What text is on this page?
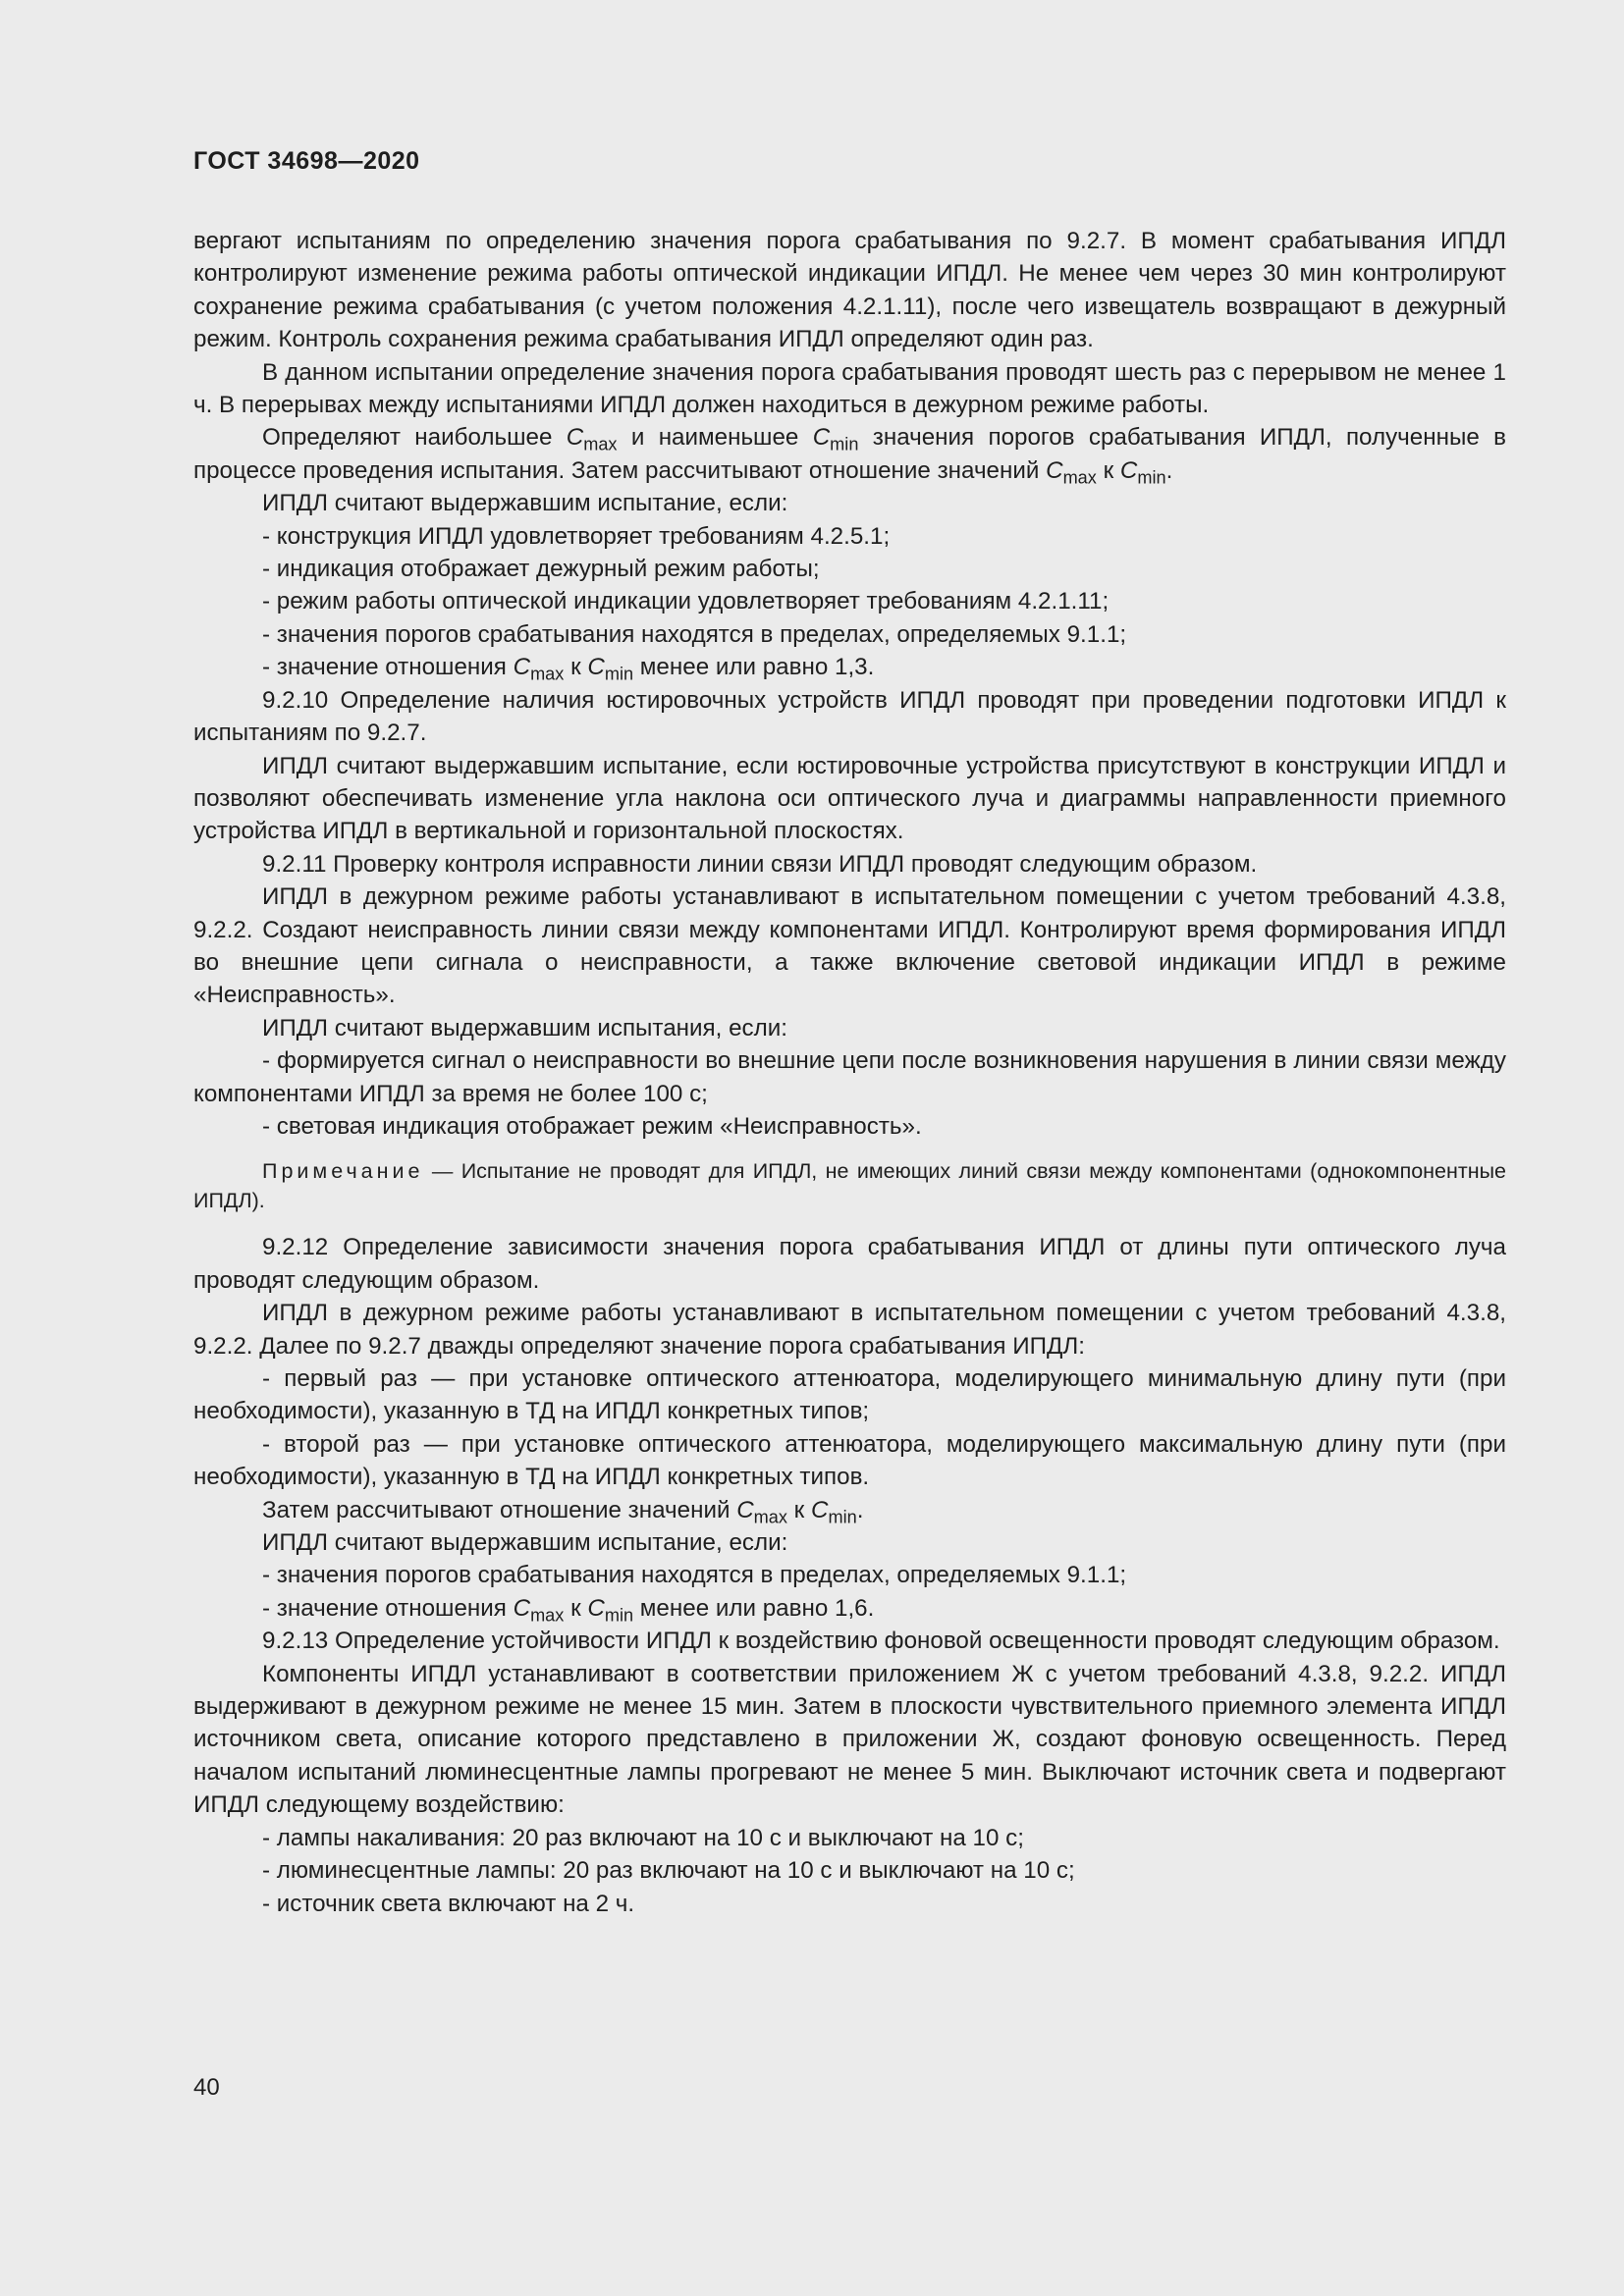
ГОСТ 34698—2020

вергают испытаниям по определению значения порога срабатывания по 9.2.7. В момент срабатывания ИПДЛ контролируют изменение режима работы оптической индикации ИПДЛ. Не менее чем через 30 мин контролируют сохранение режима срабатывания (с учетом положения 4.2.1.11), после чего извещатель возвращают в дежурный режим. Контроль сохранения режима срабатывания ИПДЛ определяют один раз.

В данном испытании определение значения порога срабатывания проводят шесть раз с перерывом не менее 1 ч. В перерывах между испытаниями ИПДЛ должен находиться в дежурном режиме работы.

Определяют наибольшее $С_{max}$ и наименьшее $С_{min}$ значения порогов срабатывания ИПДЛ, полученные в процессе проведения испытания. Затем рассчитывают отношение значений $С_{max}$ к $С_{min}$.

ИПДЛ считают выдержавшим испытание, если:

- конструкция ИПДЛ удовлетворяет требованиям 4.2.5.1;

- индикация отображает дежурный режим работы;

- режим работы оптической индикации удовлетворяет требованиям 4.2.1.11;

- значения порогов срабатывания находятся в пределах, определяемых 9.1.1;

- значение отношения $С_{max}$ к $С_{min}$ менее или равно 1,3.

9.2.10 Определение наличия юстировочных устройств ИПДЛ проводят при проведении подготовки ИПДЛ к испытаниям по 9.2.7.

ИПДЛ считают выдержавшим испытание, если юстировочные устройства присутствуют в конструкции ИПДЛ и позволяют обеспечивать изменение угла наклона оси оптического луча и диаграммы направленности приемного устройства ИПДЛ в вертикальной и горизонтальной плоскостях.

9.2.11 Проверку контроля исправности линии связи ИПДЛ проводят следующим образом.

ИПДЛ в дежурном режиме работы устанавливают в испытательном помещении с учетом требований 4.3.8, 9.2.2. Создают неисправность линии связи между компонентами ИПДЛ. Контролируют время формирования ИПДЛ во внешние цепи сигнала о неисправности, а также включение световой индикации ИПДЛ в режиме «Неисправность».

ИПДЛ считают выдержавшим испытания, если:

- формируется сигнал о неисправности во внешние цепи после возникновения нарушения в линии связи между компонентами ИПДЛ за время не более 100 с;

- световая индикация отображает режим «Неисправность».

Примечание — Испытание не проводят для ИПДЛ, не имеющих линий связи между компонентами (однокомпонентные ИПДЛ).

9.2.12 Определение зависимости значения порога срабатывания ИПДЛ от длины пути оптического луча проводят следующим образом.

ИПДЛ в дежурном режиме работы устанавливают в испытательном помещении с учетом требований 4.3.8, 9.2.2. Далее по 9.2.7 дважды определяют значение порога срабатывания ИПДЛ:

- первый раз — при установке оптического аттенюатора, моделирующего минимальную длину пути (при необходимости), указанную в ТД на ИПДЛ конкретных типов;

- второй раз — при установке оптического аттенюатора, моделирующего максимальную длину пути (при необходимости), указанную в ТД на ИПДЛ конкретных типов.

Затем рассчитывают отношение значений $С_{max}$ к $С_{min}$.

ИПДЛ считают выдержавшим испытание, если:

- значения порогов срабатывания находятся в пределах, определяемых 9.1.1;

- значение отношения $С_{max}$ к $С_{min}$ менее или равно 1,6.

9.2.13 Определение устойчивости ИПДЛ к воздействию фоновой освещенности проводят следующим образом.

Компоненты ИПДЛ устанавливают в соответствии приложением Ж с учетом требований 4.3.8, 9.2.2. ИПДЛ выдерживают в дежурном режиме не менее 15 мин. Затем в плоскости чувствительного приемного элемента ИПДЛ источником света, описание которого представлено в приложении Ж, создают фоновую освещенность. Перед началом испытаний люминесцентные лампы прогревают не менее 5 мин. Выключают источник света и подвергают ИПДЛ следующему воздействию:

- лампы накаливания: 20 раз включают на 10 с и выключают на 10 с;

- люминесцентные лампы: 20 раз включают на 10 с и выключают на 10 с;

- источник света включают на 2 ч.

40
